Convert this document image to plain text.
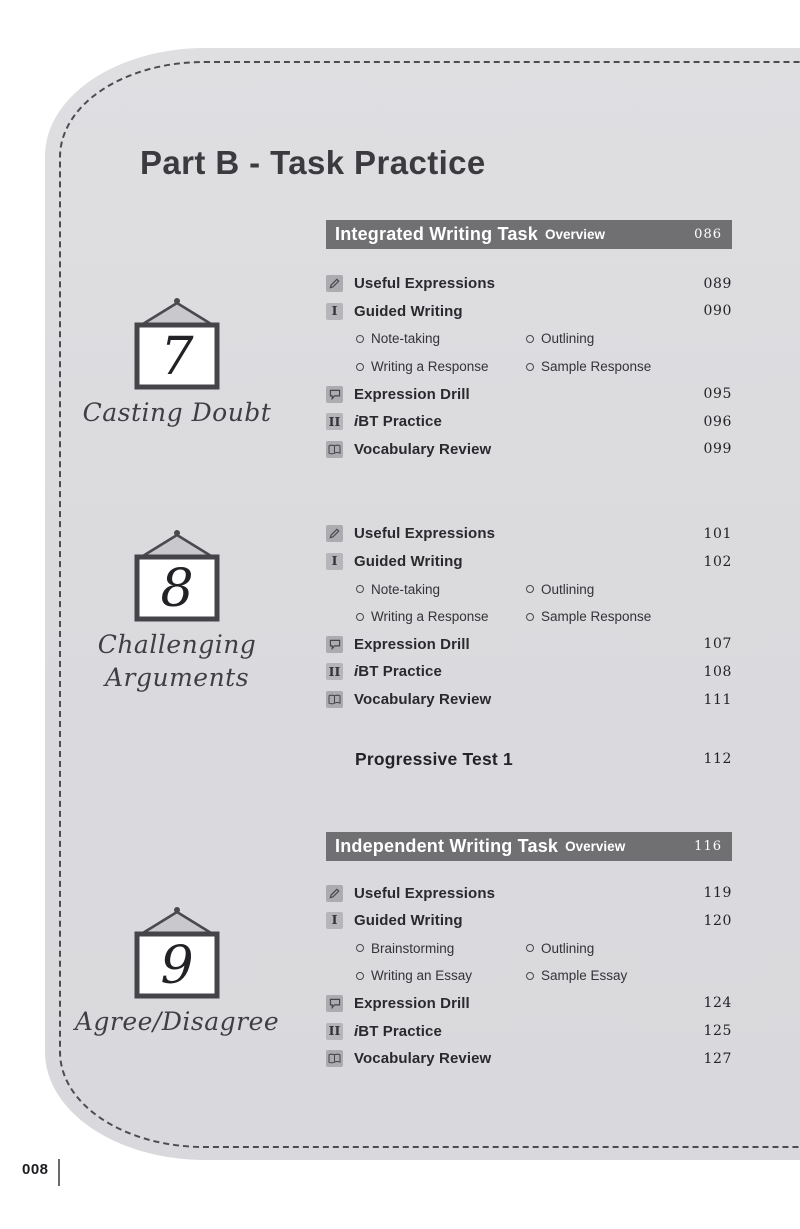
Part B - Task Practice
7
Casting Doubt
8
Challenging
Arguments
9
Agree/Disagree
Integrated Writing Task Overview	086
Useful Expressions	089
I	Guided Writing	090
Note-taking	Outlining
Writing a Response	Sample Response
Expression Drill	095
II iBT Practice	096
Vocabulary Review	099
Useful Expressions	101
I	Guided Writing	102
Note-taking	Outlining
Writing a Response	Sample Response
Expression Drill	107
II iBT Practice	108
Vocabulary Review	111
Progressive Test 1	112
Independent Writing Task Overview	116
Useful Expressions	119
I	Guided Writing	120
Brainstorming	Outlining
Writing an Essay	Sample Essay
Expression Drill	124
II iBT Practice	125
Vocabulary Review	127
008
